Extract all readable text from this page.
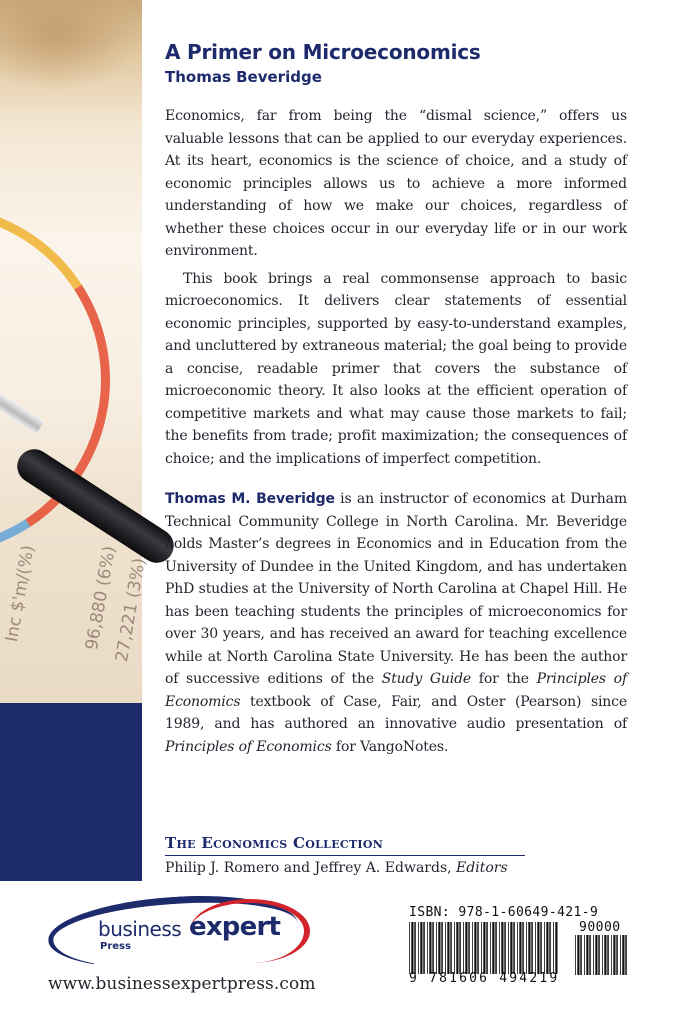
96,880 (6%)
27,221 (3%)
Inc $'m/(%)
A Primer on Microeconomics
Thomas Beveridge

Economics, far from being the “dismal science,” offers us valuable lessons that can be applied to our everyday experiences. At its heart, economics is the science of choice, and a study of economic principles allows us to achieve a more informed understanding of how we make our choices, regardless of whether these choices occur in our everyday life or in our work environment.

This book brings a real commonsense approach to basic microeconomics. It delivers clear statements of essential economic principles, supported by easy-to-understand examples, and uncluttered by extraneous material; the goal being to provide a concise, readable primer that covers the substance of microeconomic theory. It also looks at the efficient operation of competitive markets and what may cause those markets to fail; the benefits from trade; profit maximization; the consequences of choice; and the implications of imperfect competition.

Thomas M. Beveridge is an instructor of economics at Durham Technical Community College in North Carolina. Mr. Beveridge holds Master’s degrees in Economics and in Education from the University of Dundee in the United Kingdom, and has undertaken PhD studies at the University of North Carolina at Chapel Hill. He has been teaching students the principles of microeconomics for over 30 years, and has received an award for teaching excellence while at North Carolina State University. He has been the author of successive editions of the Study Guide for the Principles of Economics textbook of Case, Fair, and Oster (Pearson) since 1989, and has authored an innovative audio presentation of Principles of Economics for VangoNotes.

The Economics Collection
Philip J. Romero and Jeffrey A. Edwards, Editors
business expert
Press
www.businessexpertpress.com
ISBN: 978-1-60649-421-9
90000
9 781606 494219
